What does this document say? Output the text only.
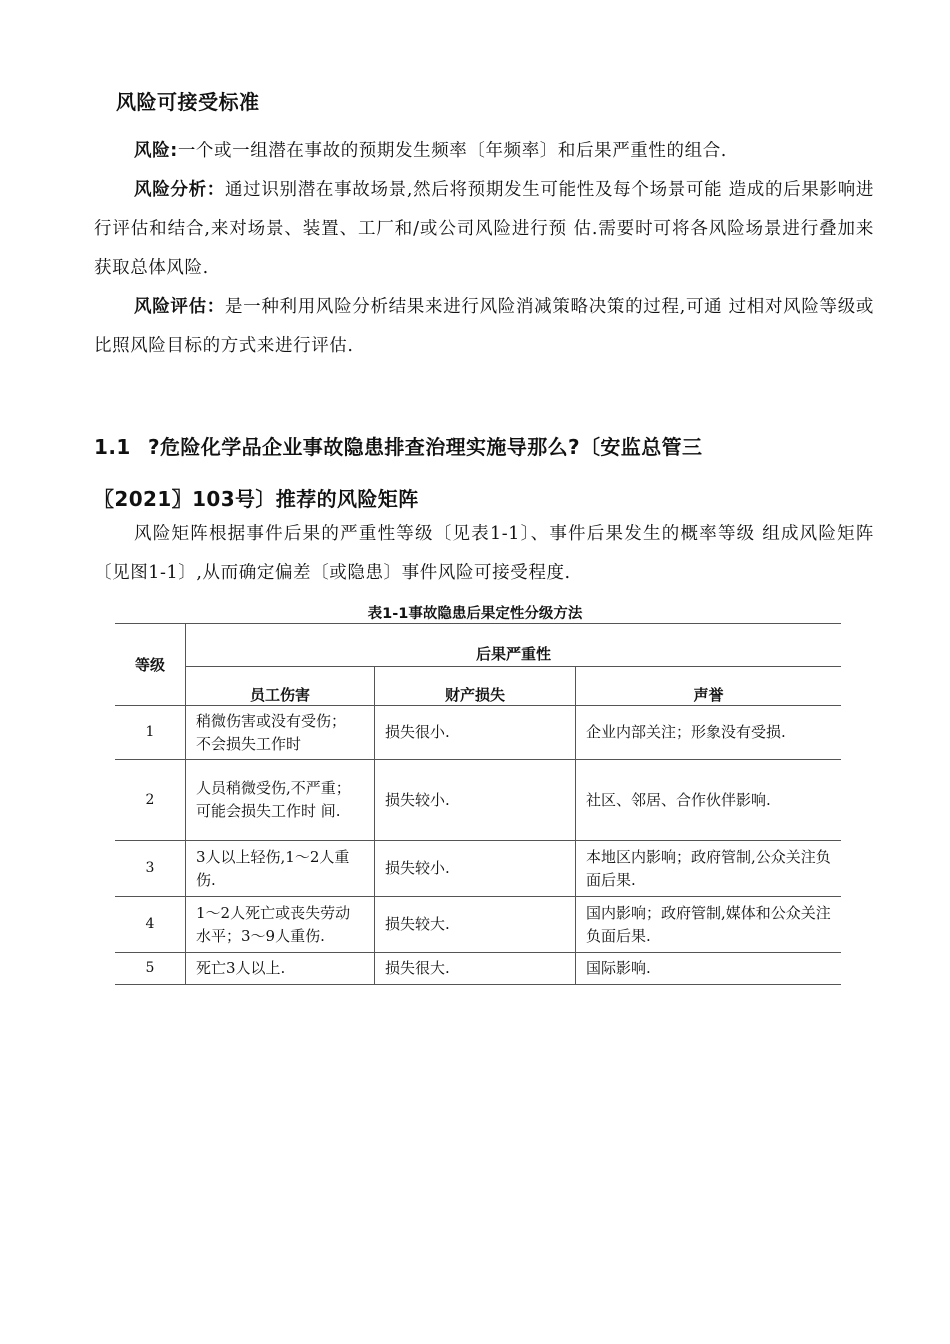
风险可接受标准
风险:一个或一组潜在事故的预期发生频率〔年频率〕和后果严重性的组合.
风险分析：通过识别潜在事故场景,然后将预期发生可能性及每个场景可能 造成的后果影响进行评估和结合,来对场景、装置、工厂和/或公司风险进行预 估.需要时可将各风险场景进行叠加来获取总体风险.
风险评估：是一种利用风险分析结果来进行风险消减策略决策的过程,可通 过相对风险等级或比照风险目标的方式来进行评估.
1.1 ?危险化学品企业事故隐患排查治理实施导那么?〔安监总管三
〖2021〗103号〕推荐的风险矩阵
风险矩阵根据事件后果的严重性等级〔见表1-1〕、事件后果发生的概率等级 组成风险矩阵〔见图1-1〕,从而确定偏差〔或隐患〕事件风险可接受程度.
表1-1事故隐患后果定性分级方法
等级	后果严重性		
	员工伤害	财产损失	声誉
1	稍微伤害或没有受伤； 不会损失工作时	损失很小.	企业内部关注；形象没有受损.
2	人员稍微受伤,不严重；可能会损失工作时 间.	损失较小.	社区、邻居、合作伙伴影响.
3	3人以上轻伤,1〜2人重伤.	损失较小.	本地区内影响；政府管制,公众关注负面后果.
4	1〜2人死亡或丧失劳动水平；3〜9人重伤.	损失较大.	国内影响；政府管制,媒体和公众关注负面后果.
5	死亡3人以上.	损失很大.	国际影响.
